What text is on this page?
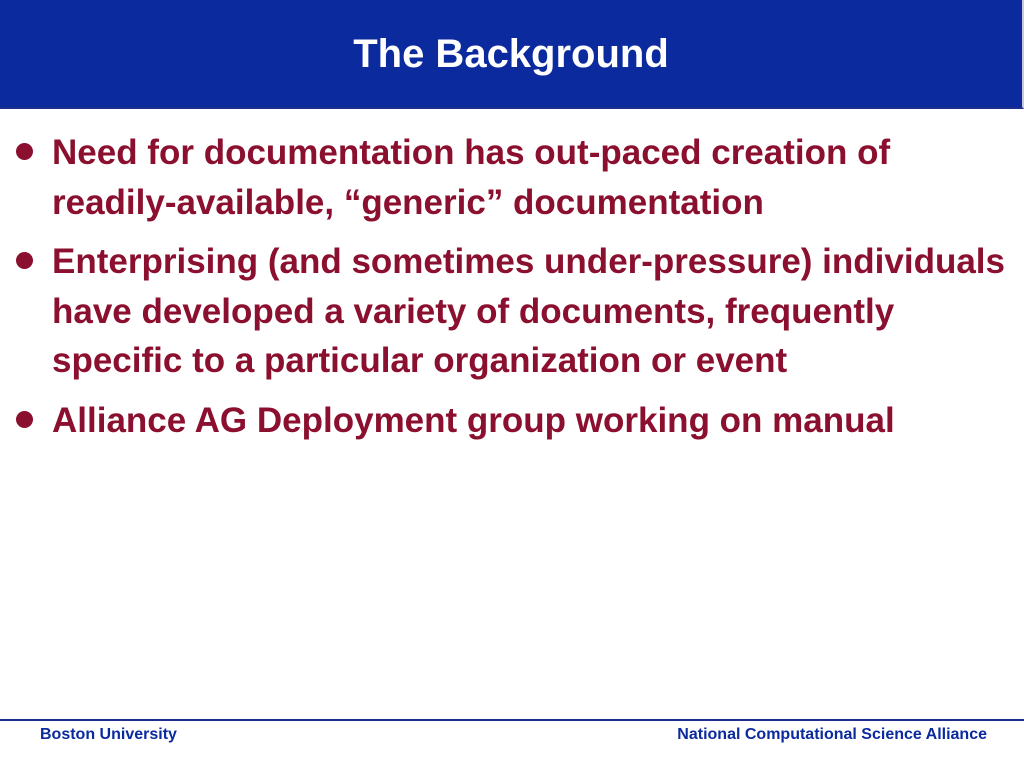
The Background
Need for documentation has out-paced creation of readily-available, “generic” documentation
Enterprising (and sometimes under-pressure) individuals have developed a variety of documents, frequently specific to a particular organization or event
Alliance AG Deployment group working on manual
Boston University	National Computational Science Alliance
